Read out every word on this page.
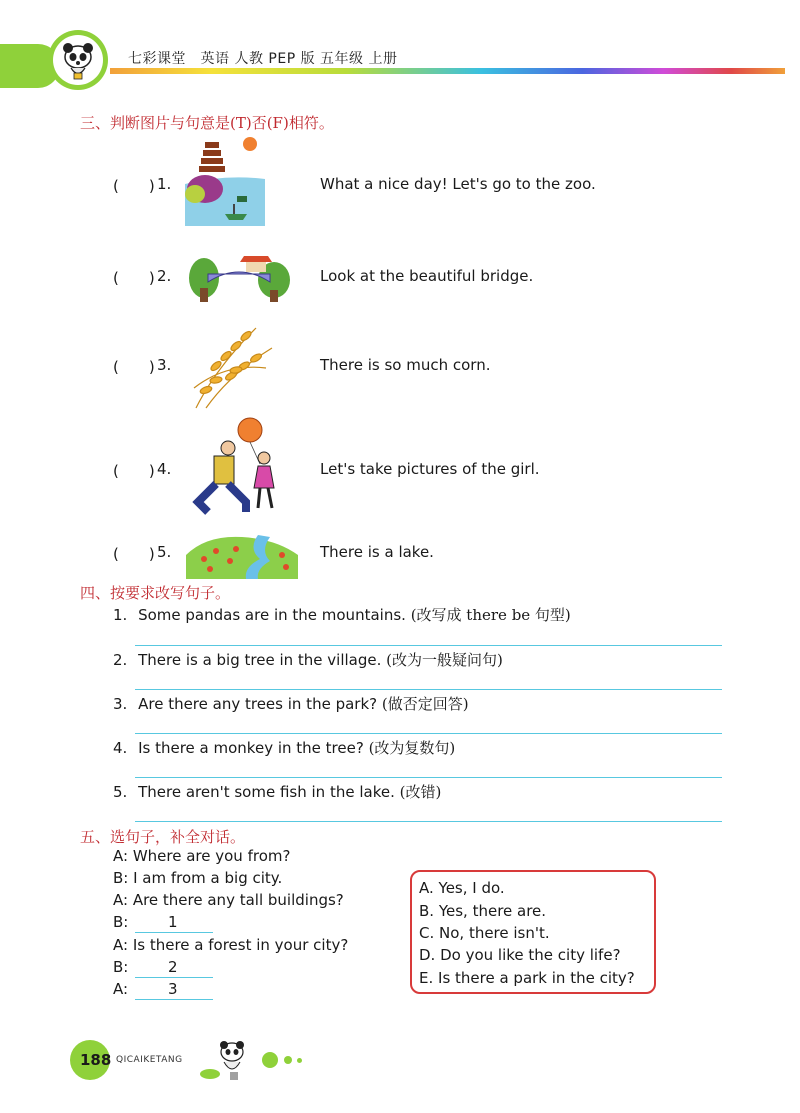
七彩课堂　英语 人教 PEP 版 五年级 上册
三、判断图片与句意是(T)否(F)相符。
(　　) 1.	What a nice day! Let's go to the zoo.
(　　) 2.	Look at the beautiful bridge.
(　　) 3.	There is so much corn.
(　　) 4.	Let's take pictures of the girl.
(　　) 5.	There is a lake.
四、按要求改写句子。
1. Some pandas are in the mountains. (改写成 there be 句型)
2. There is a big tree in the village. (改为一般疑问句)
3. Are there any trees in the park? (做否定回答)
4. Is there a monkey in the tree? (改为复数句)
5. There aren't some fish in the lake. (改错)
五、选句子，补全对话。
A: Where are you from?
B: I am from a big city.
A: Are there any tall buildings?
B:	1
A: Is there a forest in your city?
B:	2
A:	3
A. Yes, I do.
B. Yes, there are.
C. No, there isn't.
D. Do you like the city life?
E. Is there a park in the city?
188 QICAIKETANG
